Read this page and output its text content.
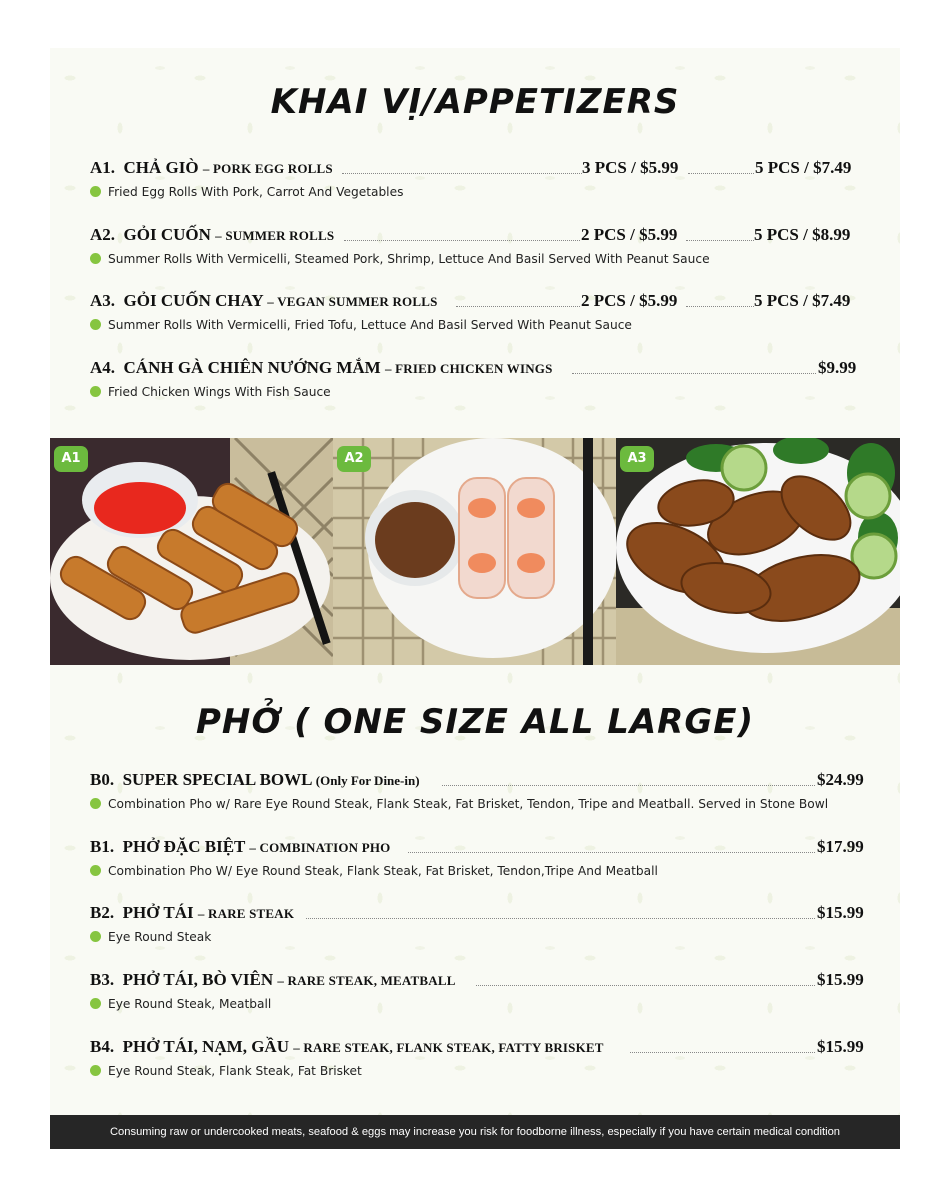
KHAI VỊ/APPETIZERS
A1. CHẢ GIÒ – PORK EGG ROLLS	3 PCS / $5.99	5 PCS / $7.49
Fried Egg Rolls With Pork, Carrot And Vegetables
A2. GỎI CUỐN – SUMMER ROLLS	2 PCS / $5.99	5 PCS / $8.99
Summer Rolls With Vermicelli, Steamed Pork, Shrimp, Lettuce And Basil Served With Peanut Sauce
A3. GỎI CUỐN CHAY – VEGAN SUMMER ROLLS	2 PCS / $5.99	5 PCS / $7.49
Summer Rolls With Vermicelli, Fried Tofu, Lettuce And Basil Served With Peanut Sauce
A4. CÁNH GÀ CHIÊN NƯỚNG MẮM – FRIED CHICKEN WINGS	$9.99
Fried Chicken Wings With Fish Sauce
A1	A2	A3
PHỞ ( ONE SIZE ALL LARGE)
B0. SUPER SPECIAL BOWL (Only For Dine-in)	$24.99
Combination Pho w/ Rare Eye Round Steak, Flank Steak, Fat Brisket, Tendon, Tripe and Meatball. Served in Stone Bowl
B1. PHỞ ĐẶC BIỆT – COMBINATION PHO	$17.99
Combination Pho W/ Eye Round Steak, Flank Steak, Fat Brisket, Tendon,Tripe And Meatball
B2. PHỞ TÁI – RARE STEAK	$15.99
Eye Round Steak
B3. PHỞ TÁI, BÒ VIÊN – RARE STEAK, MEATBALL	$15.99
Eye Round Steak, Meatball
B4. PHỞ TÁI, NẠM, GẦU – RARE STEAK, FLANK STEAK, FATTY BRISKET	$15.99
Eye Round Steak, Flank Steak, Fat Brisket
Consuming raw or undercooked meats, seafood & eggs may increase you risk for foodborne illness, especially if you have certain medical condition
